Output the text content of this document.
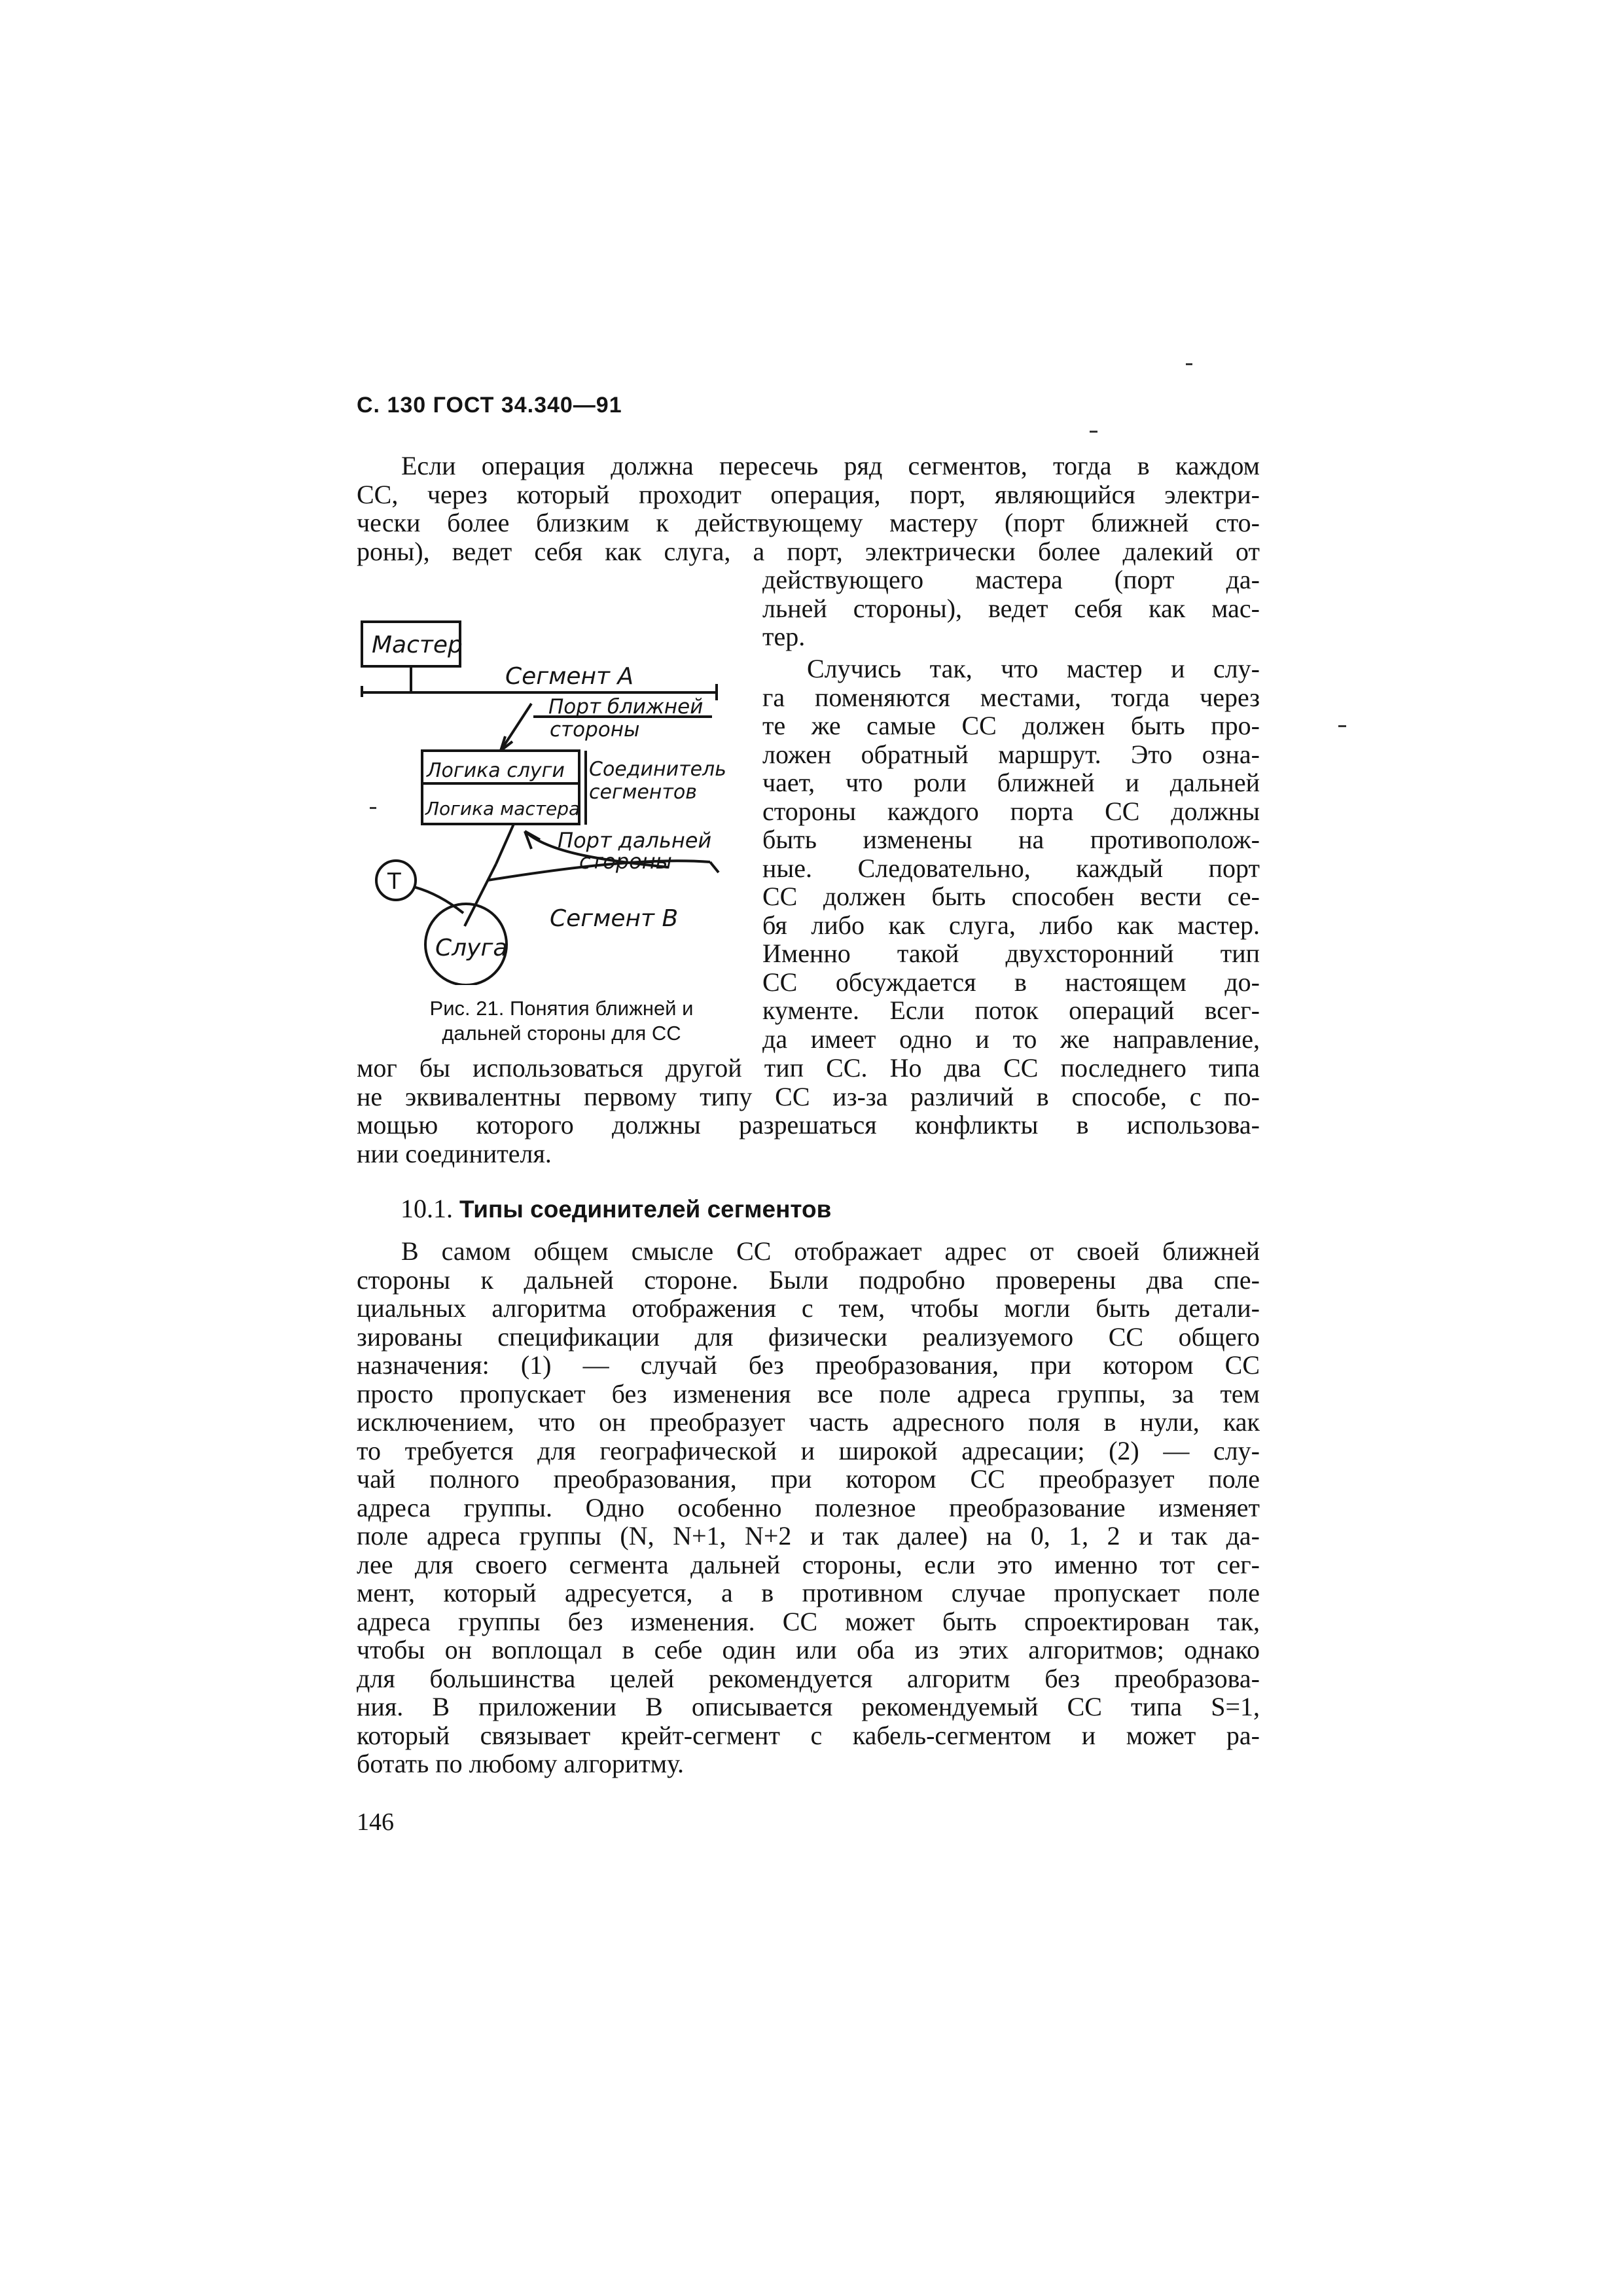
С. 130 ГОСТ 34.340—91
Если операция должна пересечь ряд сегментов, тогда в каждом
СС, через который проходит операция, порт, являющийся электри-
чески более близким к действующему мастеру (порт ближней сто-
роны), ведет себя как слуга, а порт, электрически более далекий от
действующего мастера (порт да-
льней стороны), ведет себя как мас-
тер.
Случись так, что мастер и слу-
га поменяются местами, тогда через
те же самые СС должен быть про-
ложен обратный маршрут. Это озна-
чает, что роли ближней и дальней
стороны каждого порта СС должны
быть изменены на противополож-
ные. Следовательно, каждый порт
СС должен быть способен вести се-
бя либо как слуга, либо как мастер.
Именно такой двухсторонний тип
СС обсуждается в настоящем до-
кументе. Если поток операций всег-
да имеет одно и то же направление,
мог бы использоваться другой тип СС. Но два СС последнего типа
не эквивалентны первому типу СС из-за различий в способе, с по-
мощью которого должны разрешаться конфликты в использова-
нии соединителя.
Мастер
Сегмент А
Порт ближней
стороны
Логика слуги
Логика мастера
Соединитель
сегментов
Порт дальней
стороны
Т
Слуга
Сегмент В
Рис. 21. Понятия ближней и
дальней стороны для СС
10.1. Типы соединителей сегментов
В самом общем смысле СС отображает адрес от своей ближней
стороны к дальней стороне. Были подробно проверены два спе-
циальных алгоритма отображения с тем, чтобы могли быть детали-
зированы спецификации для физически реализуемого СС общего
назначения: (1) — случай без преобразования, при котором СС
просто пропускает без изменения все поле адреса группы, за тем
исключением, что он преобразует часть адресного поля в нули, как
то требуется для географической и широкой адресации; (2) — слу-
чай полного преобразования, при котором СС преобразует поле
адреса группы. Одно особенно полезное преобразование изменяет
поле адреса группы (N, N+1, N+2 и так далее) на 0, 1, 2 и так да-
лее для своего сегмента дальней стороны, если это именно тот сег-
мент, который адресуется, а в противном случае пропускает поле
адреса группы без изменения. СС может быть спроектирован так,
чтобы он воплощал в себе один или оба из этих алгоритмов; однако
для большинства целей рекомендуется алгоритм без преобразова-
ния. В приложении В описывается рекомендуемый СС типа S=1,
который связывает крейт-сегмент с кабель-сегментом и может ра-
ботать по любому алгоритму.
146
